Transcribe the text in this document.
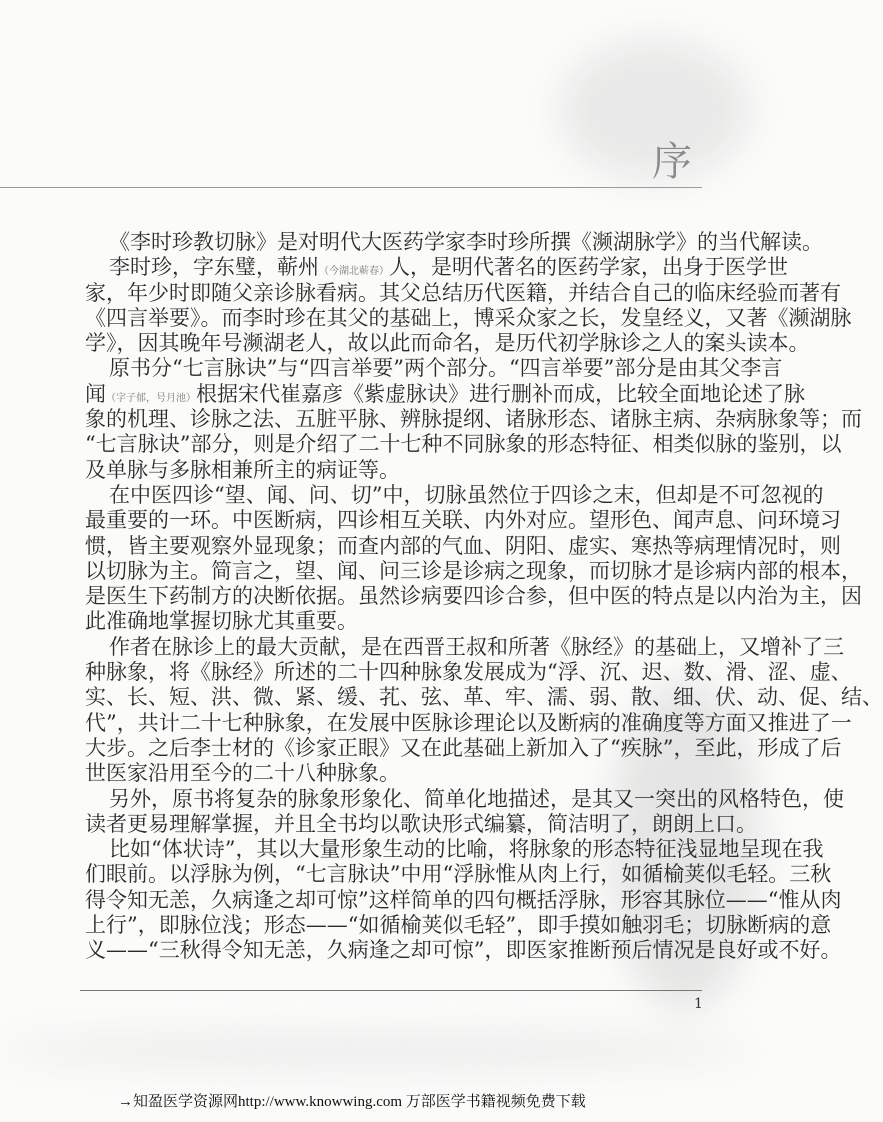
序
《李时珍教切脉》是对明代大医药学家李时珍所撰《濒湖脉学》的当代解读。
李时珍，字东璧，蕲州（今湖北蕲春）人，是明代著名的医药学家，出身于医学世
家，年少时即随父亲诊脉看病。其父总结历代医籍，并结合自己的临床经验而著有
《四言举要》。而李时珍在其父的基础上，博采众家之长，发皇经义，又著《濒湖脉
学》，因其晚年号濒湖老人，故以此而命名，是历代初学脉诊之人的案头读本。
原书分“七言脉诀”与“四言举要”两个部分。“四言举要”部分是由其父李言
闻（字子郁，号月池）根据宋代崔嘉彦《紫虚脉诀》进行删补而成，比较全面地论述了脉
象的机理、诊脉之法、五脏平脉、辨脉提纲、诸脉形态、诸脉主病、杂病脉象等；而
“七言脉诀”部分，则是介绍了二十七种不同脉象的形态特征、相类似脉的鉴别，以
及单脉与多脉相兼所主的病证等。
在中医四诊“望、闻、问、切”中，切脉虽然位于四诊之末，但却是不可忽视的
最重要的一环。中医断病，四诊相互关联、内外对应。望形色、闻声息、问环境习
惯，皆主要观察外显现象；而查内部的气血、阴阳、虚实、寒热等病理情况时，则
以切脉为主。简言之，望、闻、问三诊是诊病之现象，而切脉才是诊病内部的根本，
是医生下药制方的决断依据。虽然诊病要四诊合参，但中医的特点是以内治为主，因
此准确地掌握切脉尤其重要。
作者在脉诊上的最大贡献，是在西晋王叔和所著《脉经》的基础上，又增补了三
种脉象，将《脉经》所述的二十四种脉象发展成为“浮、沉、迟、数、滑、涩、虚、
实、长、短、洪、微、紧、缓、芤、弦、革、牢、濡、弱、散、细、伏、动、促、结、
代”，共计二十七种脉象，在发展中医脉诊理论以及断病的准确度等方面又推进了一
大步。之后李士材的《诊家正眼》又在此基础上新加入了“疾脉”，至此，形成了后
世医家沿用至今的二十八种脉象。
另外，原书将复杂的脉象形象化、简单化地描述，是其又一突出的风格特色，使
读者更易理解掌握，并且全书均以歌诀形式编纂，简洁明了，朗朗上口。
比如“体状诗”，其以大量形象生动的比喻，将脉象的形态特征浅显地呈现在我
们眼前。以浮脉为例，“七言脉诀”中用“浮脉惟从肉上行，如循榆荚似毛轻。三秋
得令知无恙，久病逢之却可惊”这样简单的四句概括浮脉，形容其脉位——“惟从肉
上行”，即脉位浅；形态——“如循榆荚似毛轻”，即手摸如触羽毛；切脉断病的意
义——“三秋得令知无恙，久病逢之却可惊”，即医家推断预后情况是良好或不好。
1
→知盈医学资源网http://www.knowwing.com 万部医学书籍视频免费下载
